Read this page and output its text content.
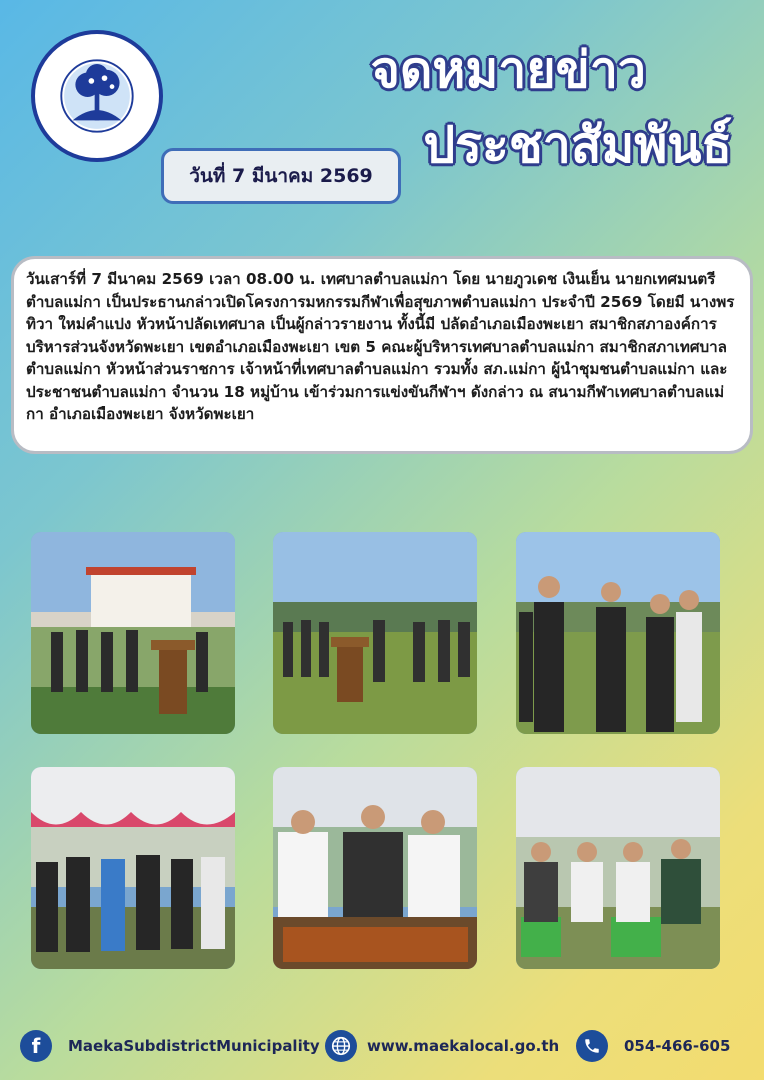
วันที่ 7 มีนาคม 2569
จดหมายข่าว
ประชาสัมพันธ์
วันเสาร์ที่ 7 มีนาคม 2569 เวลา 08.00 น. เทศบาลตำบลแม่กา โดย นายภูวเดช เงินเย็น นายกเทศมนตรีตำบลแม่กา เป็นประธานกล่าวเปิดโครงการมหกรรมกีฬาเพื่อสุขภาพตำบลแม่กา ประจำปี 2569 โดยมี นางพรทิวา ใหม่คำแปง หัวหน้าปลัดเทศบาล เป็นผู้กล่าวรายงาน ทั้งนี้มี ปลัดอำเภอเมืองพะเยา สมาชิกสภาองค์การบริหารส่วนจังหวัดพะเยา เขตอำเภอเมืองพะเยา เขต 5 คณะผู้บริหารเทศบาลตำบลแม่กา สมาชิกสภาเทศบาลตำบลแม่กา หัวหน้าส่วนราชการ เจ้าหน้าที่เทศบาลตำบลแม่กา รวมทั้ง สภ.แม่กา ผู้นำชุมชนตำบลแม่กา และประชาชนตำบลแม่กา จำนวน 18 หมู่บ้าน เข้าร่วมการแข่งขันกีฬาฯ ดังกล่าว ณ สนามกีฬาเทศบาลตำบลแม่กา อำเภอเมืองพะเยา จังหวัดพะเยา
f	MaekaSubdistrictMunicipality	www.maekalocal.go.th	054-466-605
